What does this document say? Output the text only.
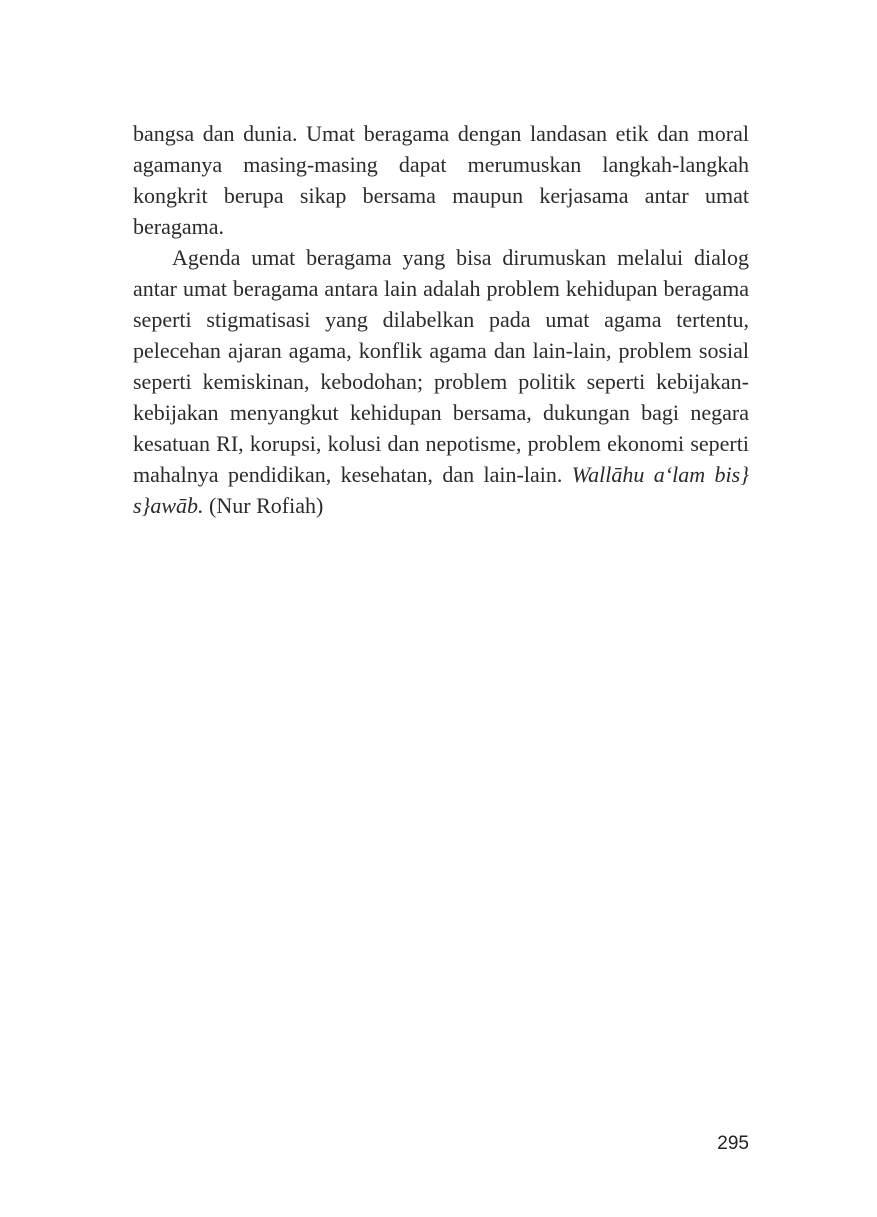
bangsa dan dunia. Umat beragama dengan landasan etik dan moral agamanya masing-masing dapat merumuskan langkah-langkah kongkrit berupa sikap bersama maupun kerjasama antar umat beragama.

Agenda umat beragama yang bisa dirumuskan melalui dialog antar umat beragama antara lain adalah problem kehidupan beragama seperti stigmatisasi yang dilabelkan pada umat agama tertentu, pelecehan ajaran agama, konflik agama dan lain-lain, problem sosial seperti kemiskinan, kebodohan; problem politik seperti kebijakan-kebijakan menyangkut kehidupan bersama, dukungan bagi negara kesatuan RI, korupsi, kolusi dan nepotisme, problem ekonomi seperti mahalnya pendidikan, kesehatan, dan lain-lain. Wallāhu a‘lam bis} s}awāb. (Nur Rofiah)

295
